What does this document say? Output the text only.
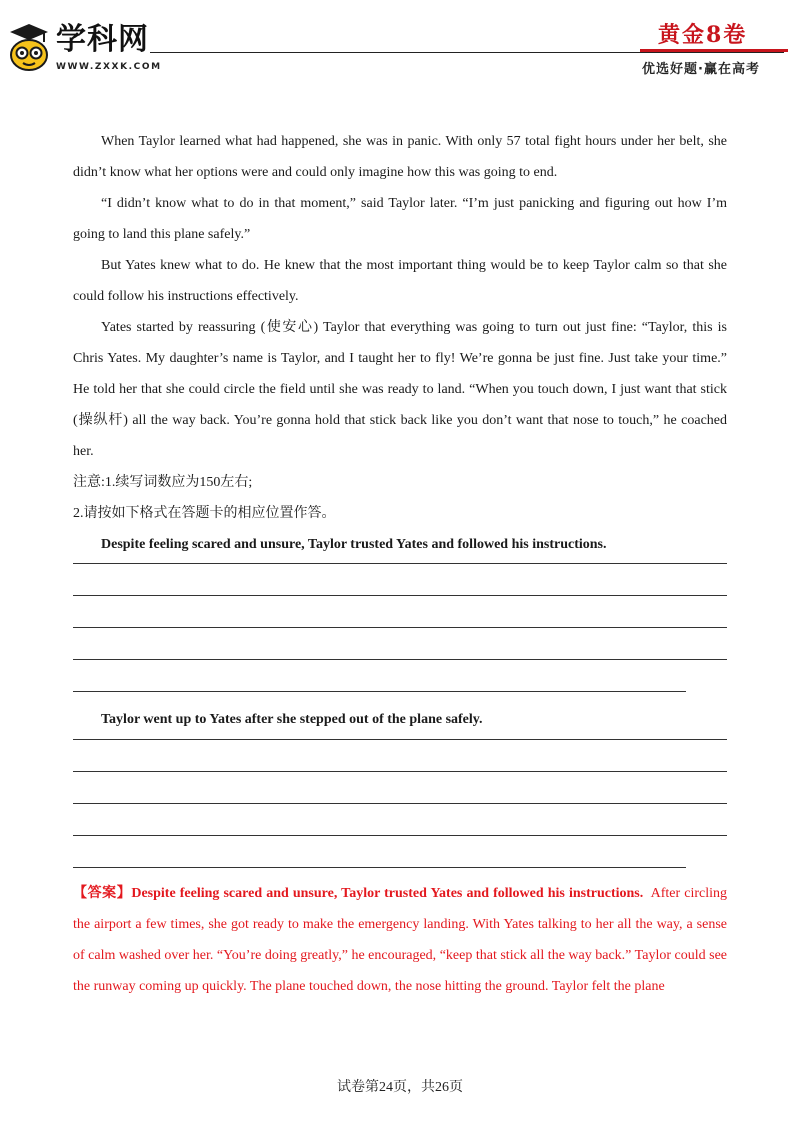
学科网
WWW.ZXXK.COM
黄金8卷
优选好题·赢在高考

When Taylor learned what had happened, she was in panic. With only 57 total fight hours under her belt, she didn’t know what her options were and could only imagine how this was going to end.

“I didn’t know what to do in that moment,” said Taylor later. “I’m just panicking and figuring out how I’m going to land this plane safely.”

But Yates knew what to do. He knew that the most important thing would be to keep Taylor calm so that she could follow his instructions effectively.

Yates started by reassuring (使安心) Taylor that everything was going to turn out just fine: “Taylor, this is Chris Yates. My daughter’s name is Taylor, and I taught her to fly! We’re gonna be just fine. Just take your time.” He told her that she could circle the field until she was ready to land. “When you touch down, I just want that stick (操纵杆) all the way back. You’re gonna hold that stick back like you don’t want that nose to touch,” he coached her.

注意:1.续写词数应为150左右;

2.请按如下格式在答题卡的相应位置作答。

Despite feeling scared and unsure, Taylor trusted Yates and followed his instructions.

Taylor went up to Yates after she stepped out of the plane safely.

【答案】Despite feeling scared and unsure, Taylor trusted Yates and followed his instructions. After circling the airport a few times, she got ready to make the emergency landing. With Yates talking to her all the way, a sense of calm washed over her. “You’re doing greatly,” he encouraged, “keep that stick all the way back.” Taylor could see the runway coming up quickly. The plane touched down, the nose hitting the ground. Taylor felt the plane

试卷第24页，共26页
